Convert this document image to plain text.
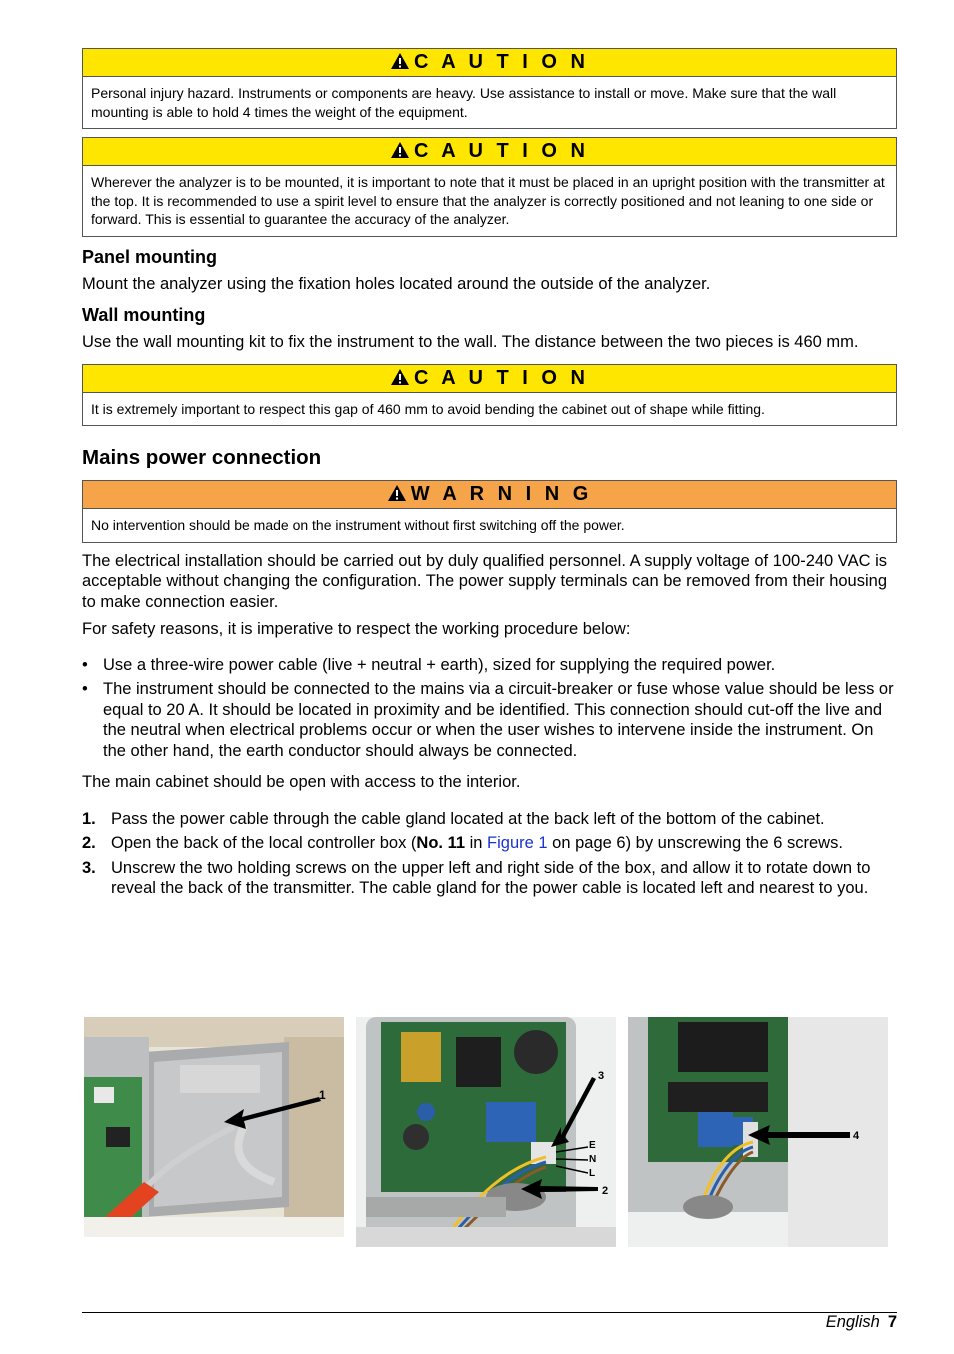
C A U T I O N
Personal injury hazard. Instruments or components are heavy. Use assistance to install or move. Make sure that the wall mounting is able to hold 4 times the weight of the equipment.
C A U T I O N
Wherever the analyzer is to be mounted, it is important to note that it must be placed in an upright position with the transmitter at the top. It is recommended to use a spirit level to ensure that the analyzer is correctly positioned and not leaning to one side or forward. This is essential to guarantee the accuracy of the analyzer.
Panel mounting

Mount the analyzer using the fixation holes located around the outside of the analyzer.

Wall mounting

Use the wall mounting kit to fix the instrument to the wall. The distance between the two pieces is 460 mm.

C A U T I O N
It is extremely important to respect this gap of 460 mm to avoid bending the cabinet out of shape while fitting.
Mains power connection
W A R N I N G
No intervention should be made on the instrument without first switching off the power.

The electrical installation should be carried out by duly qualified personnel. A supply voltage of 100-240 VAC is acceptable without changing the configuration. The power supply terminals can be removed from their housing to make connection easier.

For safety reasons, it is imperative to respect the working procedure below:

• Use a three-wire power cable (live + neutral + earth), sized for supplying the required power.
• The instrument should be connected to the mains via a circuit-breaker or fuse whose value should be less or equal to 20 A. It should be located in proximity and be identified. This connection should cut-off the live and the neutral when electrical problems occur or when the user wishes to intervene inside the instrument. On the other hand, the earth conductor should always be connected.

The main cabinet should be open with access to the interior.

1. Pass the power cable through the cable gland located at the back left of the bottom of the cabinet.
2. Open the back of the local controller box (No. 11 in Figure 1 on page 6) by unscrewing the 6 screws.
3. Unscrew the two holding screws on the upper left and right side of the box, and allow it to rotate down to reveal the back of the transmitter. The cable gland for the power cable is located left and nearest to you.
1
3
E
N
L
2
4
English 7
